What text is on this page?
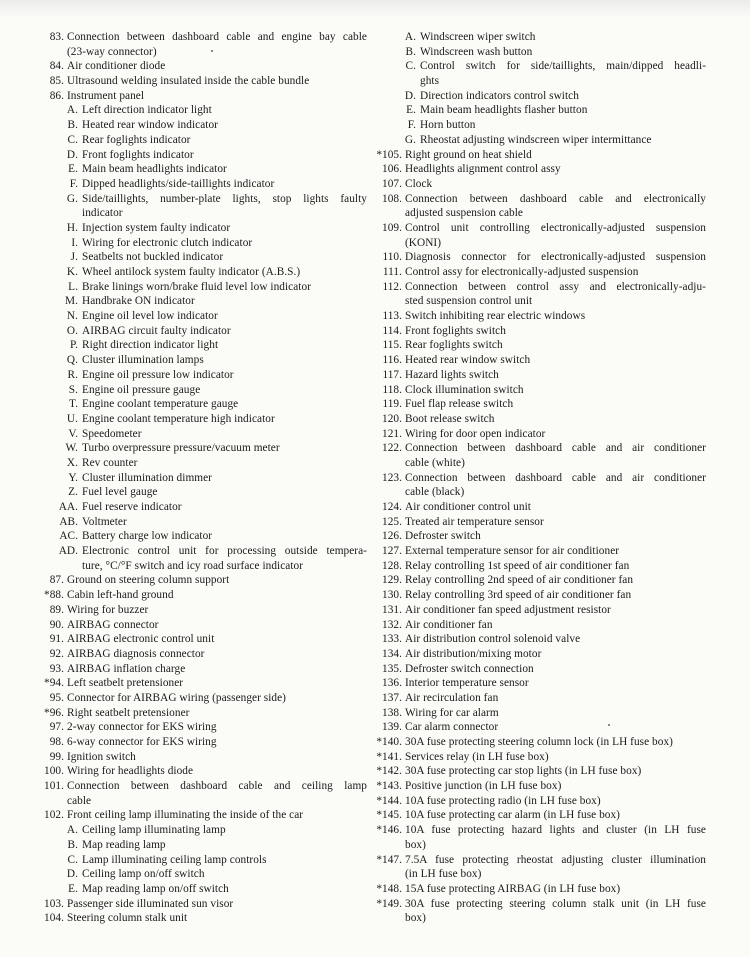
83. Connection between dashboard cable and engine bay cable
(23-way connector)
84. Air conditioner diode
85. Ultrasound welding insulated inside the cable bundle
86. Instrument panel
A. Left direction indicator light
B. Heated rear window indicator
C. Rear foglights indicator
D. Front foglights indicator
E. Main beam headlights indicator
F. Dipped headlights/side-taillights indicator
G. Side/taillights, number-plate lights, stop lights faulty
indicator
H. Injection system faulty indicator
I. Wiring for electronic clutch indicator
J. Seatbelts not buckled indicator
K. Wheel antilock system faulty indicator (A.B.S.)
L. Brake linings worn/brake fluid level low indicator
M. Handbrake ON indicator
N. Engine oil level low indicator
O. AIRBAG circuit faulty indicator
P. Right direction indicator light
Q. Cluster illumination lamps
R. Engine oil pressure low indicator
S. Engine oil pressure gauge
T. Engine coolant temperature gauge
U. Engine coolant temperature high indicator
V. Speedometer
W. Turbo overpressure pressure/vacuum meter
X. Rev counter
Y. Cluster illumination dimmer
Z. Fuel level gauge
AA. Fuel reserve indicator
AB. Voltmeter
AC. Battery charge low indicator
AD. Electronic control unit for processing outside tempera-
ture, °C/°F switch and icy road surface indicator
87. Ground on steering column support
*88. Cabin left-hand ground
89. Wiring for buzzer
90. AIRBAG connector
91. AIRBAG electronic control unit
92. AIRBAG diagnosis connector
93. AIRBAG inflation charge
*94. Left seatbelt pretensioner
95. Connector for AIRBAG wiring (passenger side)
*96. Right seatbelt pretensioner
97. 2-way connector for EKS wiring
98. 6-way connector for EKS wiring
99. Ignition switch
100. Wiring for headlights diode
101. Connection between dashboard cable and ceiling lamp
cable
102. Front ceiling lamp illuminating the inside of the car
A. Ceiling lamp illuminating lamp
B. Map reading lamp
C. Lamp illuminating ceiling lamp controls
D. Ceiling lamp on/off switch
E. Map reading lamp on/off switch
103. Passenger side illuminated sun visor
104. Steering column stalk unit
A. Windscreen wiper switch
B. Windscreen wash button
C. Control switch for side/taillights, main/dipped headli-
ghts
D. Direction indicators control switch
E. Main beam headlights flasher button
F. Horn button
G. Rheostat adjusting windscreen wiper intermittance
*105. Right ground on heat shield
106. Headlights alignment control assy
107. Clock
108. Connection between dashboard cable and electronically
adjusted suspension cable
109. Control unit controlling electronically-adjusted suspension
(KONI)
110. Diagnosis connector for electronically-adjusted suspension
111. Control assy for electronically-adjusted suspension
112. Connection between control assy and electronically-adju-
sted suspension control unit
113. Switch inhibiting rear electric windows
114. Front foglights switch
115. Rear foglights switch
116. Heated rear window switch
117. Hazard lights switch
118. Clock illumination switch
119. Fuel flap release switch
120. Boot release switch
121. Wiring for door open indicator
122. Connection between dashboard cable and air conditioner
cable (white)
123. Connection between dashboard cable and air conditioner
cable (black)
124. Air conditioner control unit
125. Treated air temperature sensor
126. Defroster switch
127. External temperature sensor for air conditioner
128. Relay controlling 1st speed of air conditioner fan
129. Relay controlling 2nd speed of air conditioner fan
130. Relay controlling 3rd speed of air conditioner fan
131. Air conditioner fan speed adjustment resistor
132. Air conditioner fan
133. Air distribution control solenoid valve
134. Air distribution/mixing motor
135. Defroster switch connection
136. Interior temperature sensor
137. Air recirculation fan
138. Wiring for car alarm
139. Car alarm connector
*140. 30A fuse protecting steering column lock (in LH fuse box)
*141. Services relay (in LH fuse box)
*142. 30A fuse protecting car stop lights (in LH fuse box)
*143. Positive junction (in LH fuse box)
*144. 10A fuse protecting radio (in LH fuse box)
*145. 10A fuse protecting car alarm (in LH fuse box)
*146. 10A fuse protecting hazard lights and cluster (in LH fuse
box)
*147. 7.5A fuse protecting rheostat adjusting cluster illumination
(in LH fuse box)
*148. 15A fuse protecting AIRBAG (in LH fuse box)
*149. 30A fuse protecting steering column stalk unit (in LH fuse
box)
